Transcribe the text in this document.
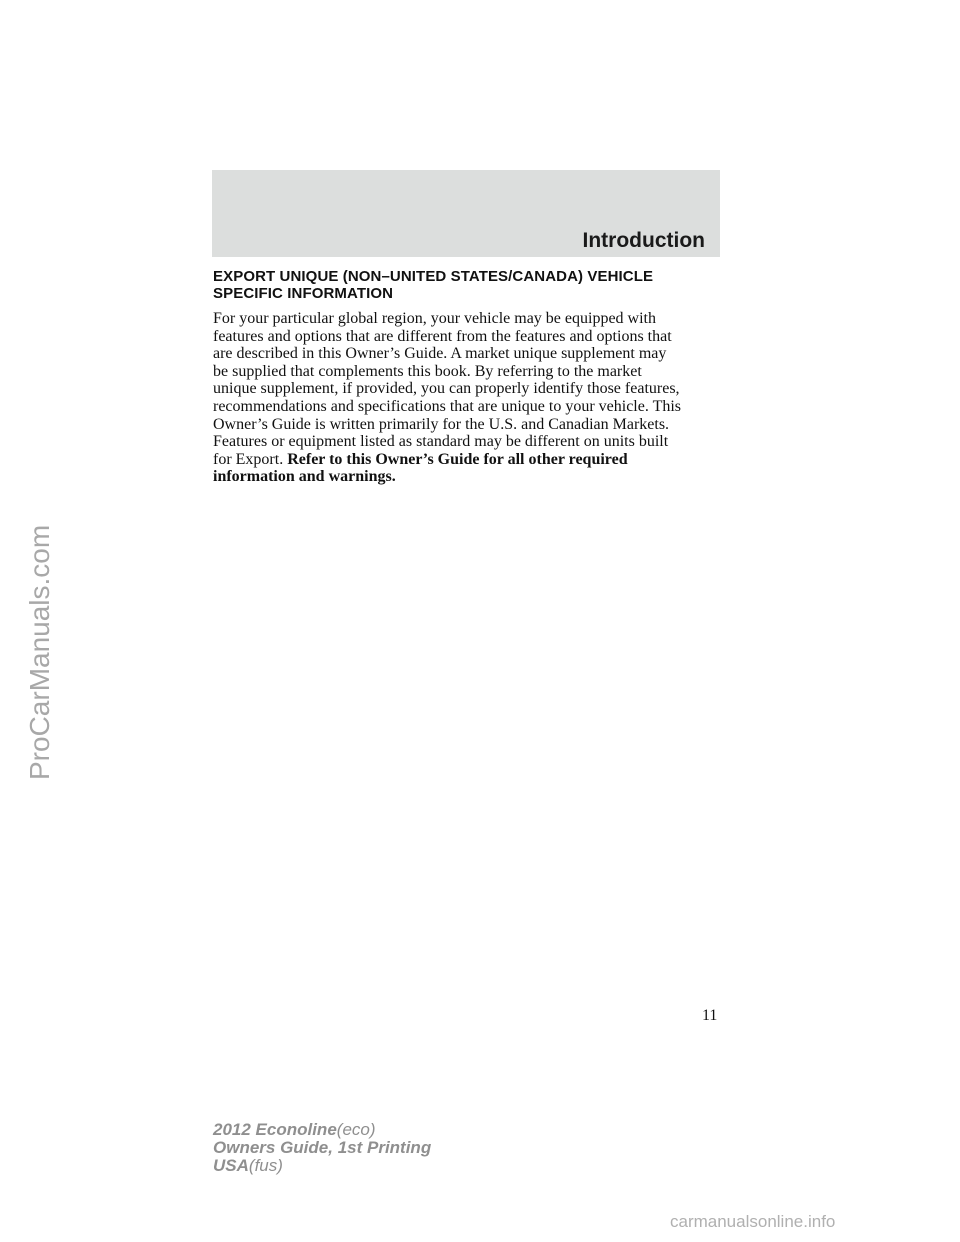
Introduction
EXPORT UNIQUE (NON–UNITED STATES/CANADA) VEHICLE
SPECIFIC INFORMATION

For your particular global region, your vehicle may be equipped with
features and options that are different from the features and options that
are described in this Owner’s Guide. A market unique supplement may
be supplied that complements this book. By referring to the market
unique supplement, if provided, you can properly identify those features,
recommendations and specifications that are unique to your vehicle. This
Owner’s Guide is written primarily for the U.S. and Canadian Markets.
Features or equipment listed as standard may be different on units built
for Export. Refer to this Owner’s Guide for all other required
information and warnings.

11
2012 Econoline(eco)
Owners Guide, 1st Printing
USA(fus)
ProCarManuals.com
carmanualsonline.info
